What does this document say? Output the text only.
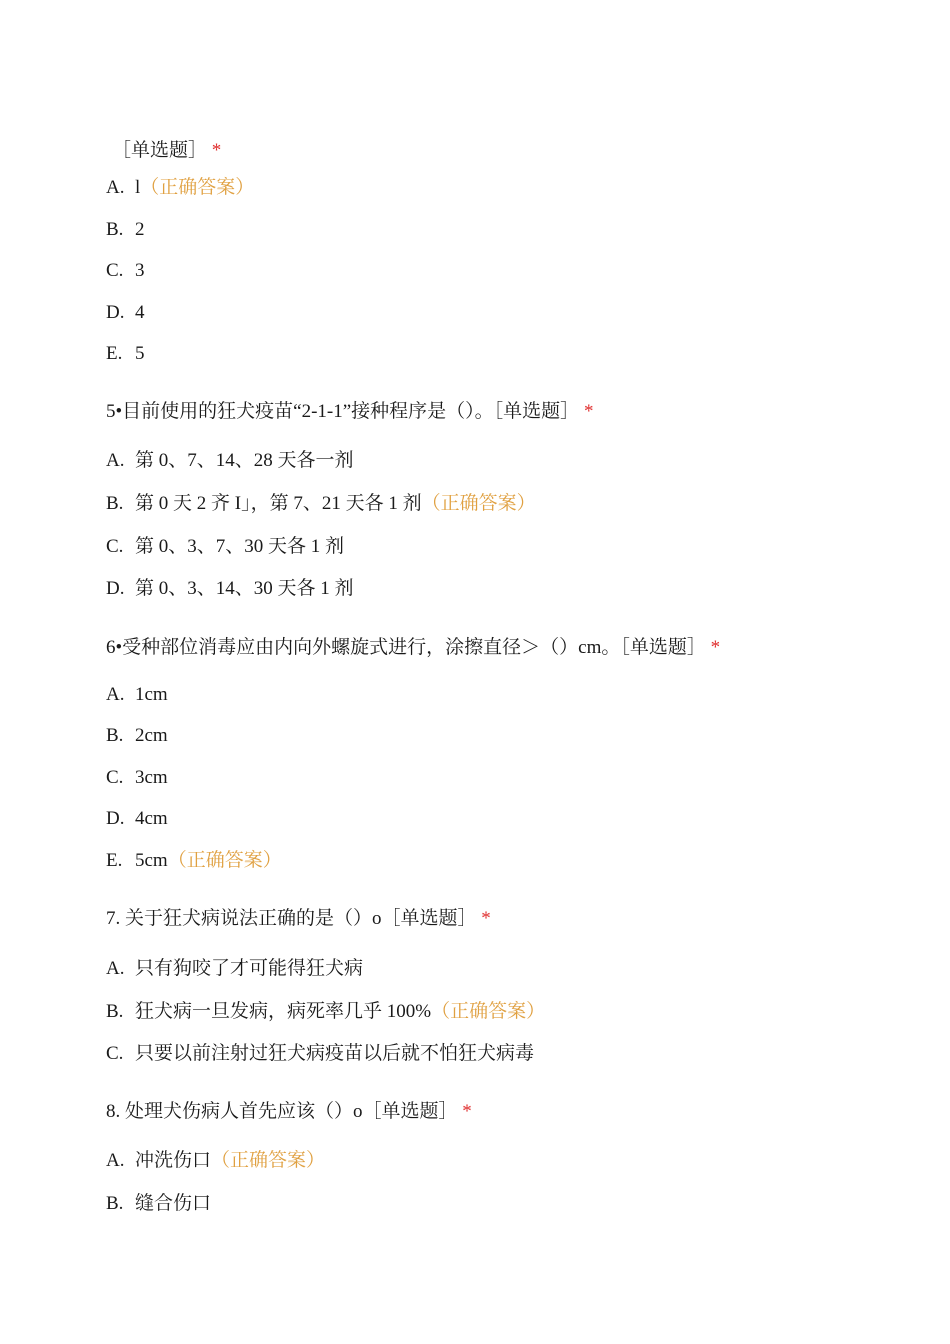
［单选题］ *
A. l（正确答案）
B. 2
C. 3
D. 4
E. 5
5•目前使用的狂犬疫苗“2-1-1”接种程序是（）。［单选题］ *
A. 第 0、7、14、28 天各一剂
B. 第 0 天 2 齐 I」，第 7、21 天各 1 剂（正确答案）
C. 第 0、3、7、30 天各 1 剂
D. 第 0、3、14、30 天各 1 剂
6•受种部位消毒应由内向外螺旋式进行，涂擦直径＞（）cm。［单选题］ *
A. 1cm
B. 2cm
C. 3cm
D. 4cm
E. 5cm（正确答案）
7. 关于狂犬病说法正确的是（）o［单选题］ *
A. 只有狗咬了才可能得狂犬病
B. 狂犬病一旦发病，病死率几乎 100%（正确答案）
C. 只要以前注射过狂犬病疫苗以后就不怕狂犬病毒
8. 处理犬伤病人首先应该（）o［单选题］ *
A. 冲洗伤口（正确答案）
B. 缝合伤口
